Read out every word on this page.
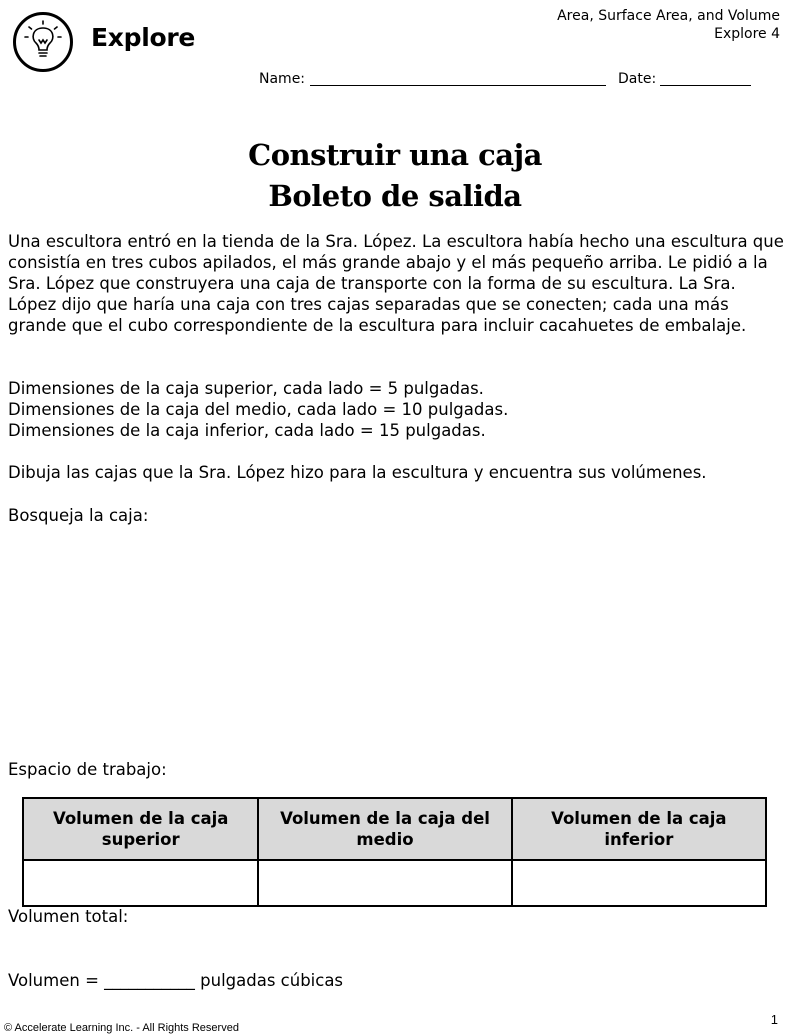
Explore
Area, Surface Area, and Volume
Explore 4
Name:	Date:
Construir una caja
Boleto de salida
Una escultora entró en la tienda de la Sra. López. La escultora había hecho una escultura que consistía en tres cubos apilados, el más grande abajo y el más pequeño arriba. Le pidió a la Sra. López que construyera una caja de transporte con la forma de su escultura. La Sra. López dijo que haría una caja con tres cajas separadas que se conecten; cada una más grande que el cubo correspondiente de la escultura para incluir cacahuetes de embalaje.
Dimensiones de la caja superior, cada lado = 5 pulgadas.
Dimensiones de la caja del medio, cada lado = 10 pulgadas.
Dimensiones de la caja inferior, cada lado = 15 pulgadas.
Dibuja las cajas que la Sra. López hizo para la escultura y encuentra sus volúmenes.
Bosqueja la caja:
Espacio de trabajo:
Volumen de la caja superior	Volumen de la caja del medio	Volumen de la caja inferior

Volumen total:
Volumen = ___________ pulgadas cúbicas
© Accelerate Learning Inc. - All Rights Reserved
1
